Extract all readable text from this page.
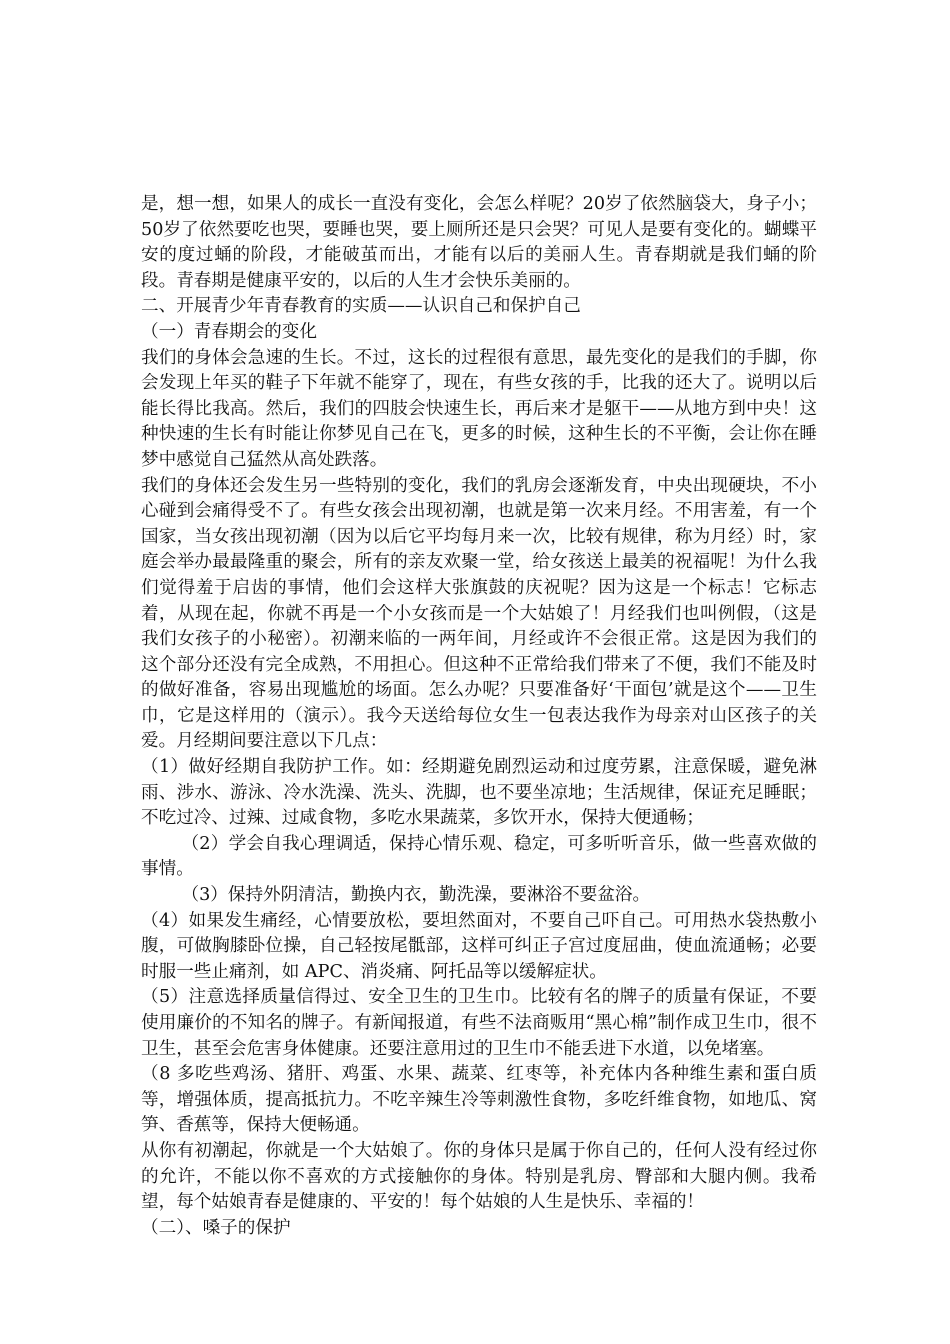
是，想一想，如果人的成长一直没有变化，会怎么样呢？20岁了依然脑袋大，身子小；50岁了依然要吃也哭，要睡也哭，要上厕所还是只会哭？可见人是要有变化的。蝴蝶平安的度过蛹的阶段，才能破茧而出，才能有以后的美丽人生。青春期就是我们蛹的阶段。青春期是健康平安的，以后的人生才会快乐美丽的。

二、开展青少年青春教育的实质——认识自己和保护自己

（一）青春期会的变化

我们的身体会急速的生长。不过，这长的过程很有意思，最先变化的是我们的手脚，你会发现上年买的鞋子下年就不能穿了，现在，有些女孩的手，比我的还大了。说明以后能长得比我高。然后，我们的四肢会快速生长，再后来才是躯干——从地方到中央！这种快速的生长有时能让你梦见自己在飞，更多的时候，这种生长的不平衡，会让你在睡梦中感觉自己猛然从高处跌落。

我们的身体还会发生另一些特别的变化，我们的乳房会逐渐发育，中央出现硬块，不小心碰到会痛得受不了。有些女孩会出现初潮，也就是第一次来月经。不用害羞，有一个国家，当女孩出现初潮（因为以后它平均每月来一次，比较有规律，称为月经）时，家庭会举办最最隆重的聚会，所有的亲友欢聚一堂，给女孩送上最美的祝福呢！为什么我们觉得羞于启齿的事情，他们会这样大张旗鼓的庆祝呢？因为这是一个标志！它标志着，从现在起，你就不再是一个小女孩而是一个大姑娘了！月经我们也叫例假，（这是我们女孩子的小秘密）。初潮来临的一两年间，月经或许不会很正常。这是因为我们的这个部分还没有完全成熟，不用担心。但这种不正常给我们带来了不便，我们不能及时的做好准备，容易出现尴尬的场面。怎么办呢？只要准备好‘干面包’就是这个——卫生巾，它是这样用的（演示）。我今天送给每位女生一包表达我作为母亲对山区孩子的关爱。月经期间要注意以下几点：

（1）做好经期自我防护工作。如：经期避免剧烈运动和过度劳累，注意保暖，避免淋雨、涉水、游泳、冷水洗澡、洗头、洗脚，也不要坐凉地；生活规律，保证充足睡眠；不吃过冷、过辣、过咸食物，多吃水果蔬菜，多饮开水，保持大便通畅；

（2）学会自我心理调适，保持心情乐观、稳定，可多听听音乐，做一些喜欢做的事情。

（3）保持外阴清洁，勤换内衣，勤洗澡，要淋浴不要盆浴。

（4）如果发生痛经，心情要放松，要坦然面对，不要自己吓自己。可用热水袋热敷小腹，可做胸膝卧位操，自己轻按尾骶部，这样可纠正子宫过度屈曲，使血流通畅；必要时服一些止痛剂，如 APC、消炎痛、阿托品等以缓解症状。

（5）注意选择质量信得过、安全卫生的卫生巾。比较有名的牌子的质量有保证，不要使用廉价的不知名的牌子。有新闻报道，有些不法商贩用“黑心棉”制作成卫生巾，很不卫生，甚至会危害身体健康。还要注意用过的卫生巾不能丢进下水道，以免堵塞。

（8 多吃些鸡汤、猪肝、鸡蛋、水果、蔬菜、红枣等，补充体内各种维生素和蛋白质等，增强体质，提高抵抗力。不吃辛辣生冷等刺激性食物，多吃纤维食物，如地瓜、窝笋、香蕉等，保持大便畅通。

从你有初潮起，你就是一个大姑娘了。你的身体只是属于你自己的，任何人没有经过你的允许，不能以你不喜欢的方式接触你的身体。特别是乳房、臀部和大腿内侧。我希望，每个姑娘青春是健康的、平安的！每个姑娘的人生是快乐、幸福的！

（二）、嗓子的保护
